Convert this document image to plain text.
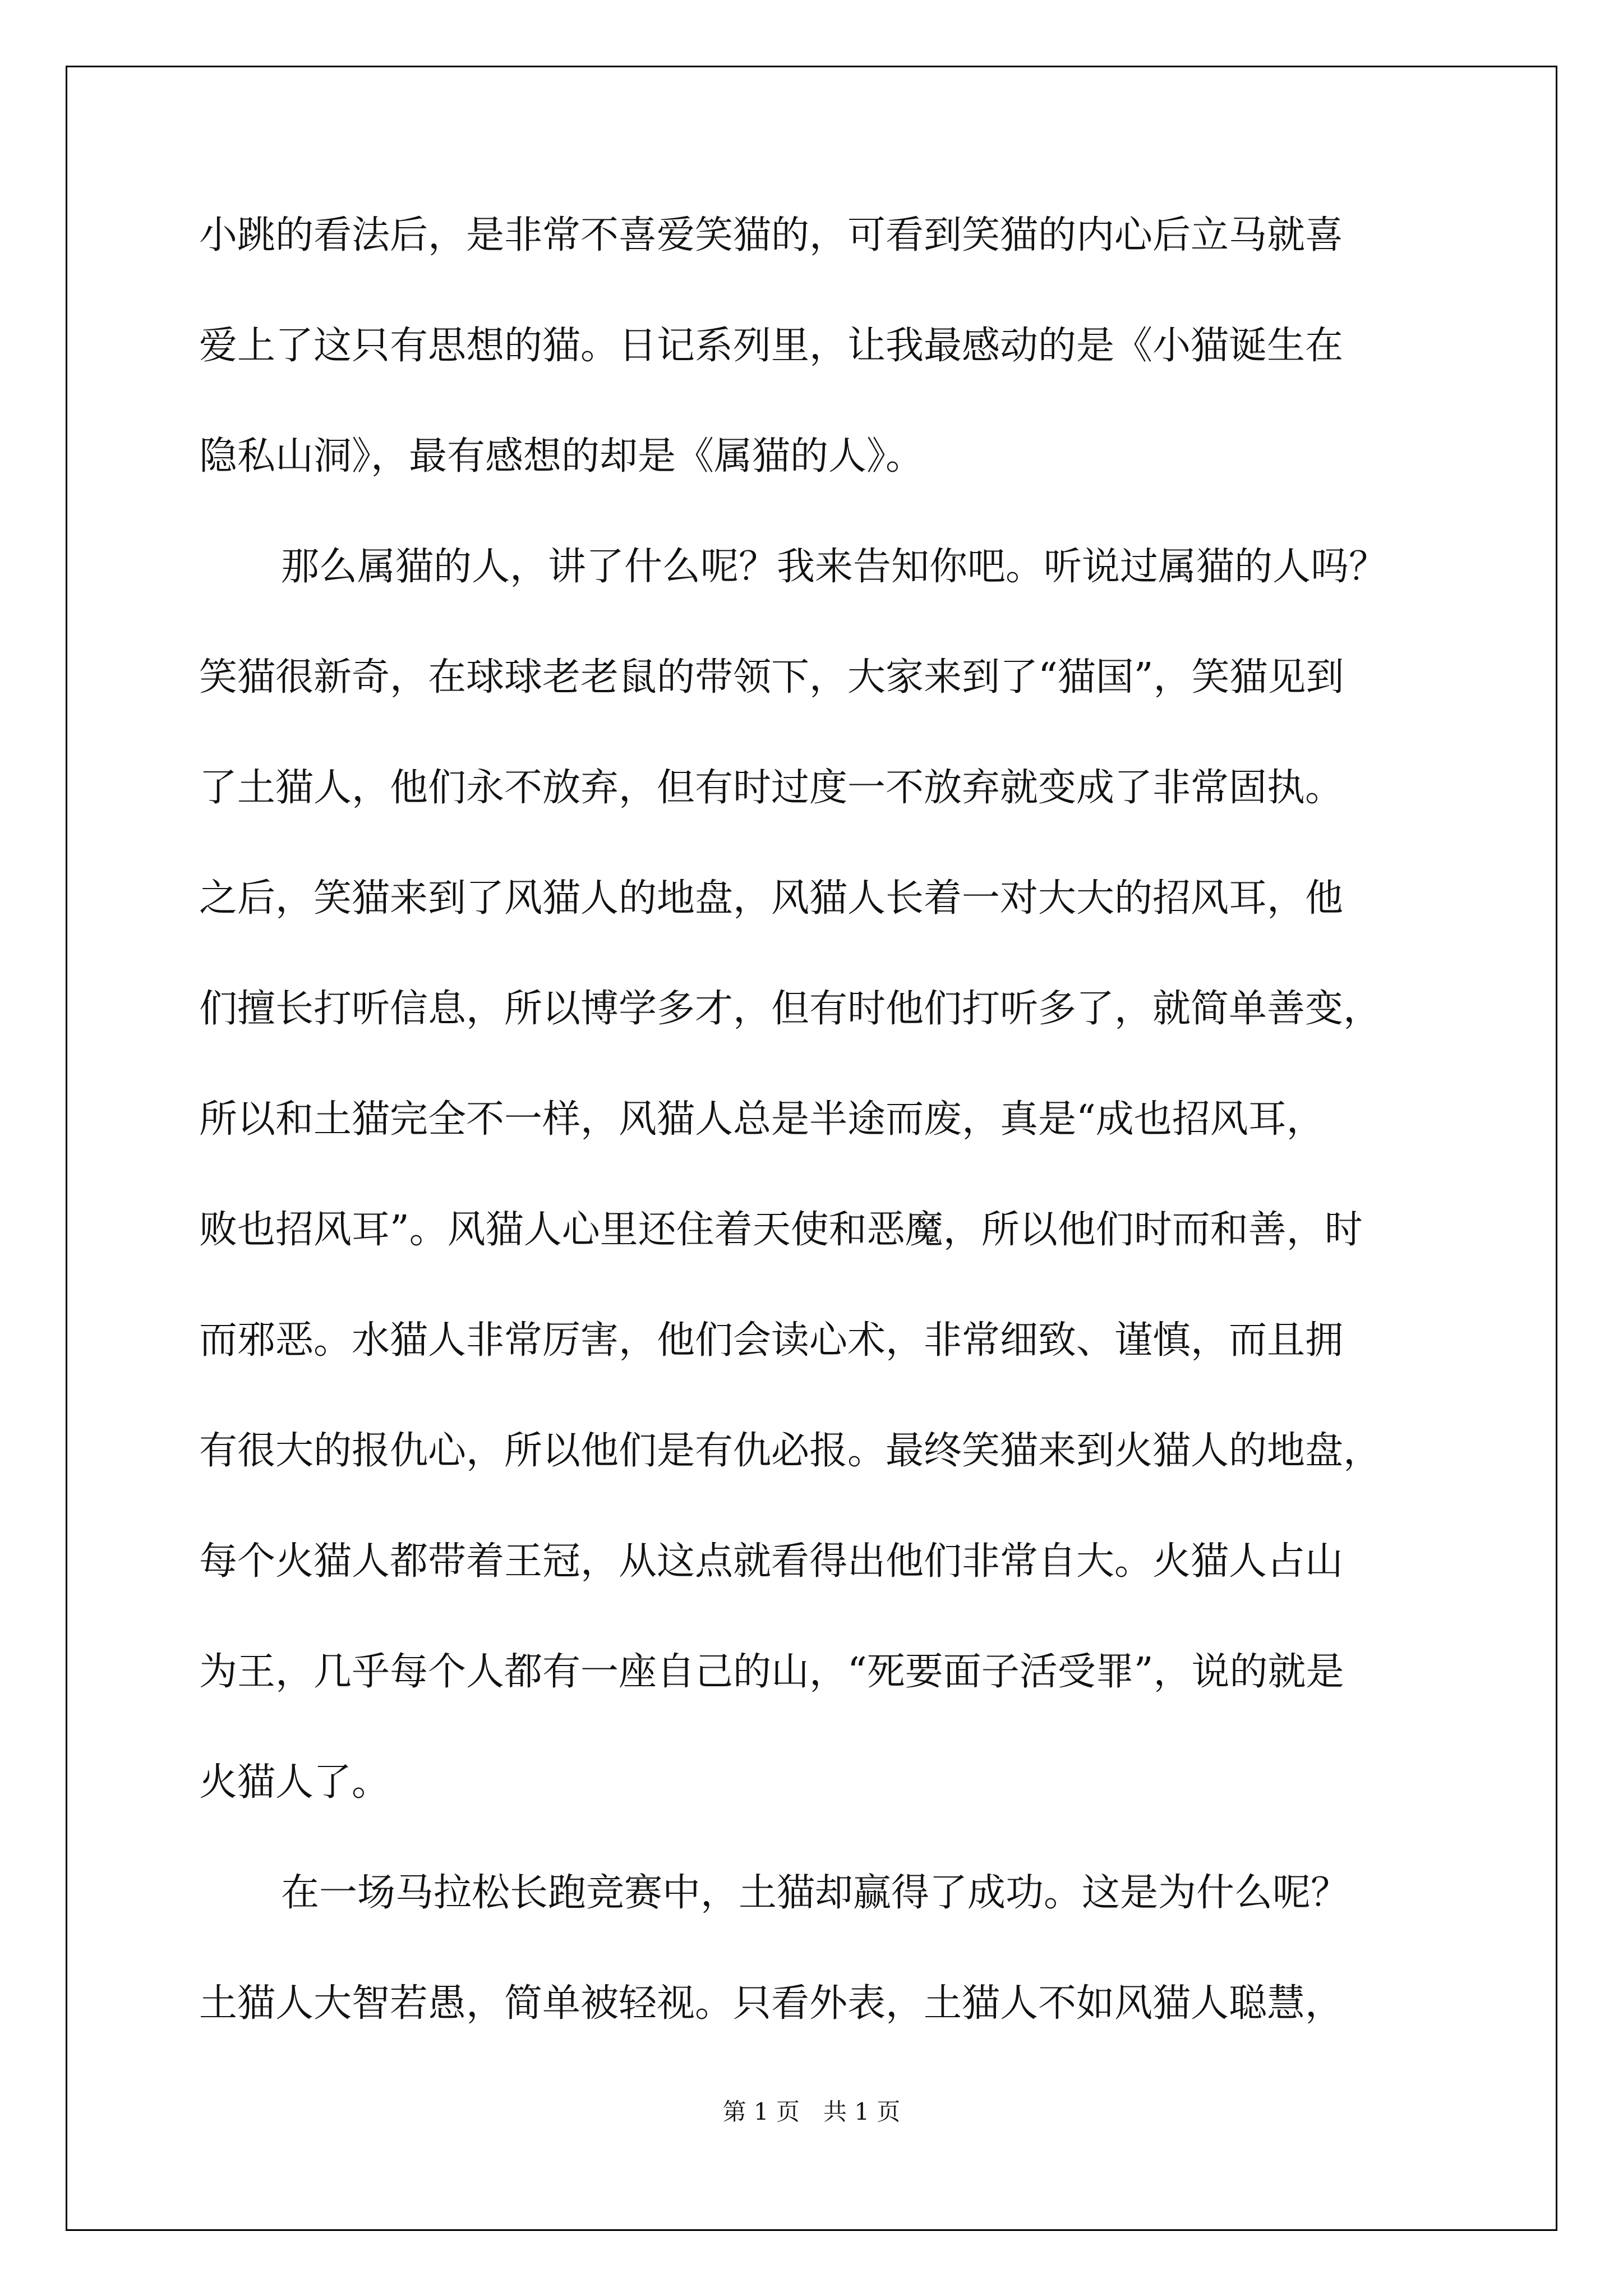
小跳的看法后，是非常不喜爱笑猫的，可看到笑猫的内心后立马就喜
爱上了这只有思想的猫。日记系列里，让我最感动的是《小猫诞生在
隐私山洞》，最有感想的却是《属猫的人》。
那么属猫的人，讲了什么呢？我来告知你吧。听说过属猫的人吗？
笑猫很新奇，在球球老老鼠的带领下，大家来到了“猫国”，笑猫见到
了土猫人，他们永不放弃，但有时过度一不放弃就变成了非常固执。
之后，笑猫来到了风猫人的地盘，风猫人长着一对大大的招风耳，他
们擅长打听信息，所以博学多才，但有时他们打听多了，就简单善变，
所以和土猫完全不一样，风猫人总是半途而废，真是“成也招风耳，
败也招风耳”。风猫人心里还住着天使和恶魔，所以他们时而和善，时
而邪恶。水猫人非常厉害，他们会读心术，非常细致、谨慎，而且拥
有很大的报仇心，所以他们是有仇必报。最终笑猫来到火猫人的地盘，
每个火猫人都带着王冠，从这点就看得出他们非常自大。火猫人占山
为王，几乎每个人都有一座自己的山，“死要面子活受罪”，说的就是
火猫人了。
在一场马拉松长跑竞赛中，土猫却赢得了成功。这是为什么呢？
土猫人大智若愚，简单被轻视。只看外表，土猫人不如风猫人聪慧，
第 1 页　共 1 页
